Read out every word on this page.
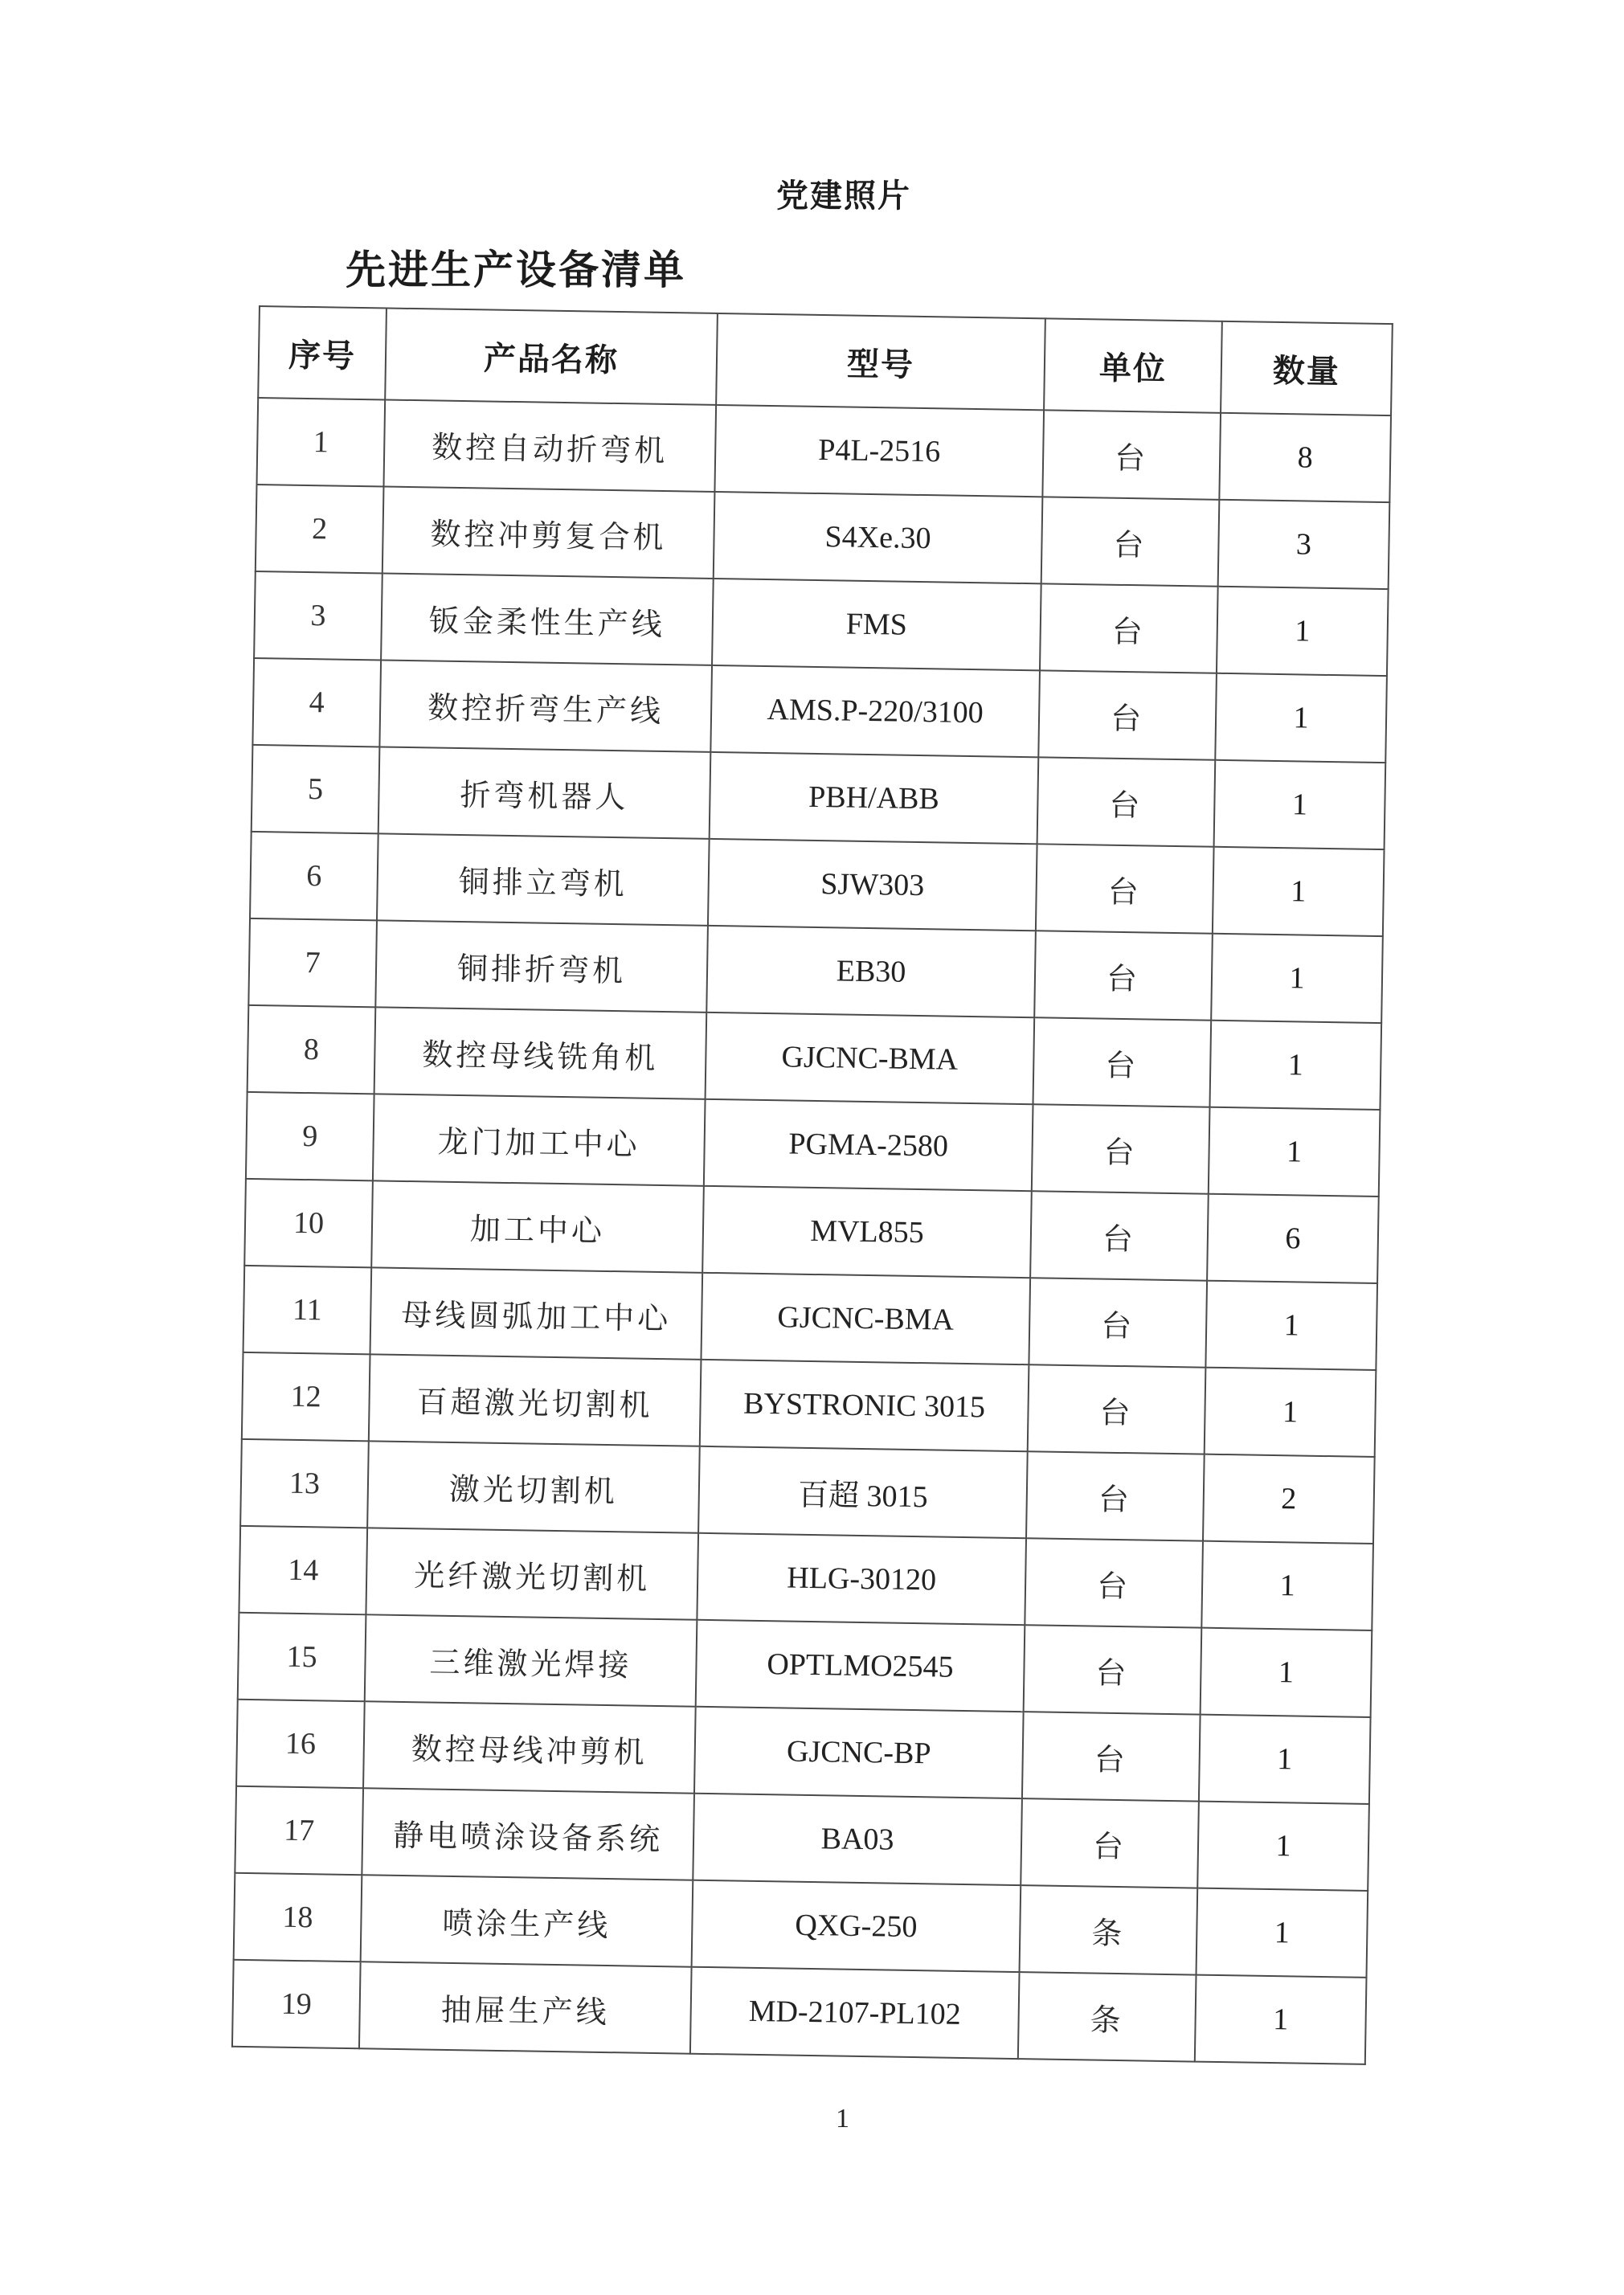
党建照片
先进生产设备清单
序号	产品名称	型号	单位	数量
1	数控自动折弯机	P4L-2516	台	8
2	数控冲剪复合机	S4Xe.30	台	3
3	钣金柔性生产线	FMS	台	1
4	数控折弯生产线	AMS.P-220/3100	台	1
5	折弯机器人	PBH/ABB	台	1
6	铜排立弯机	SJW303	台	1
7	铜排折弯机	EB30	台	1
8	数控母线铣角机	GJCNC-BMA	台	1
9	龙门加工中心	PGMA-2580	台	1
10	加工中心	MVL855	台	6
11	母线圆弧加工中心	GJCNC-BMA	台	1
12	百超激光切割机	BYSTRONIC 3015	台	1
13	激光切割机	百超 3015	台	2
14	光纤激光切割机	HLG-30120	台	1
15	三维激光焊接	OPTLMO2545	台	1
16	数控母线冲剪机	GJCNC-BP	台	1
17	静电喷涂设备系统	BA03	台	1
18	喷涂生产线	QXG-250	条	1
19	抽屉生产线	MD-2107-PL102	条	1
1
